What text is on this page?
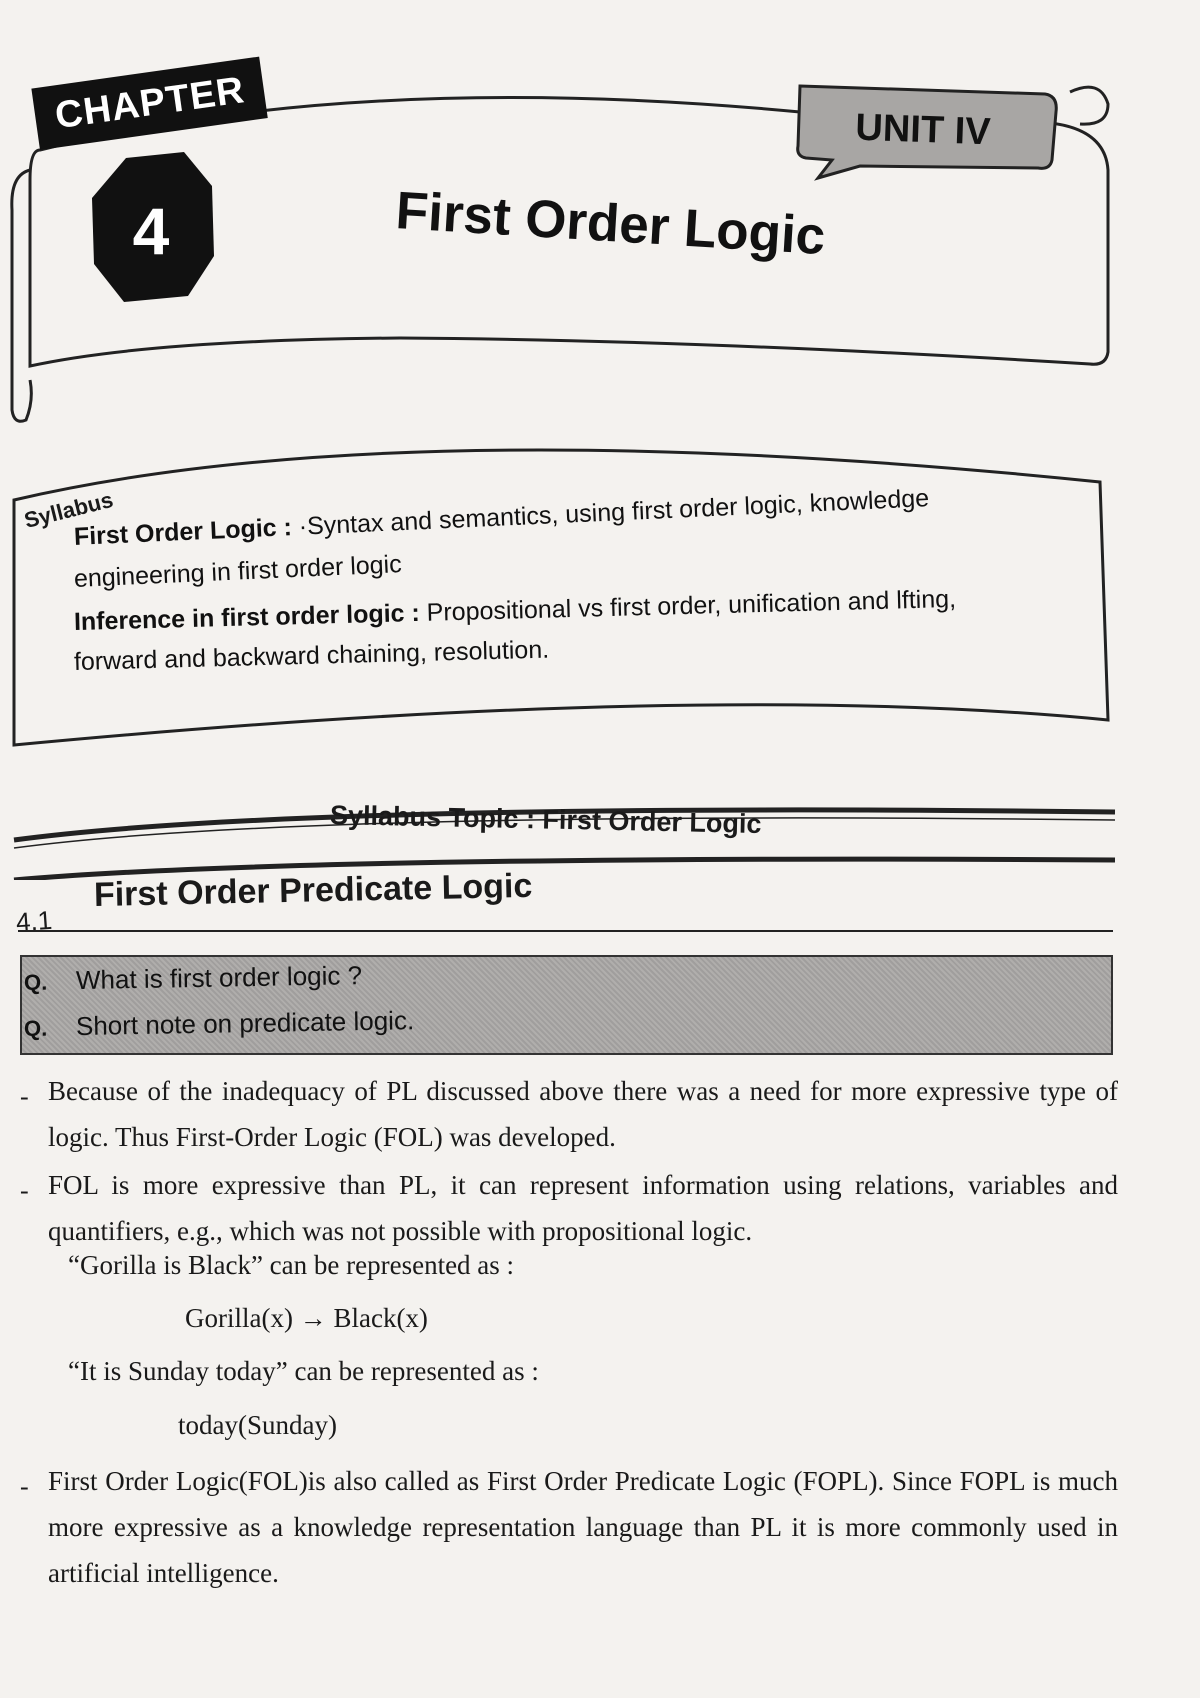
CHAPTER
4
UNIT IV
First Order Logic
Syllabus
First Order Logic : ·Syntax and semantics, using first order logic, knowledge
engineering in first order logic
Inference in first order logic : Propositional vs first order, unification and lfting,
forward and backward chaining, resolution.
Syllabus Topic : First Order Logic
4.1
First Order Predicate Logic
Q. What is first order logic ?
Q. Short note on predicate logic.
- Because of the inadequacy of PL discussed above there was a need for more expressive type of logic. Thus First-Order Logic (FOL) was developed.
- FOL is more expressive than PL, it can represent information using relations, variables and quantifiers, e.g., which was not possible with propositional logic.
“Gorilla is Black” can be represented as :
Gorilla(x) → Black(x)
“It is Sunday today” can be represented as :
today(Sunday)
- First Order Logic(FOL)is also called as First Order Predicate Logic (FOPL). Since FOPL is much more expressive as a knowledge representation language than PL it is more commonly used in artificial intelligence.
